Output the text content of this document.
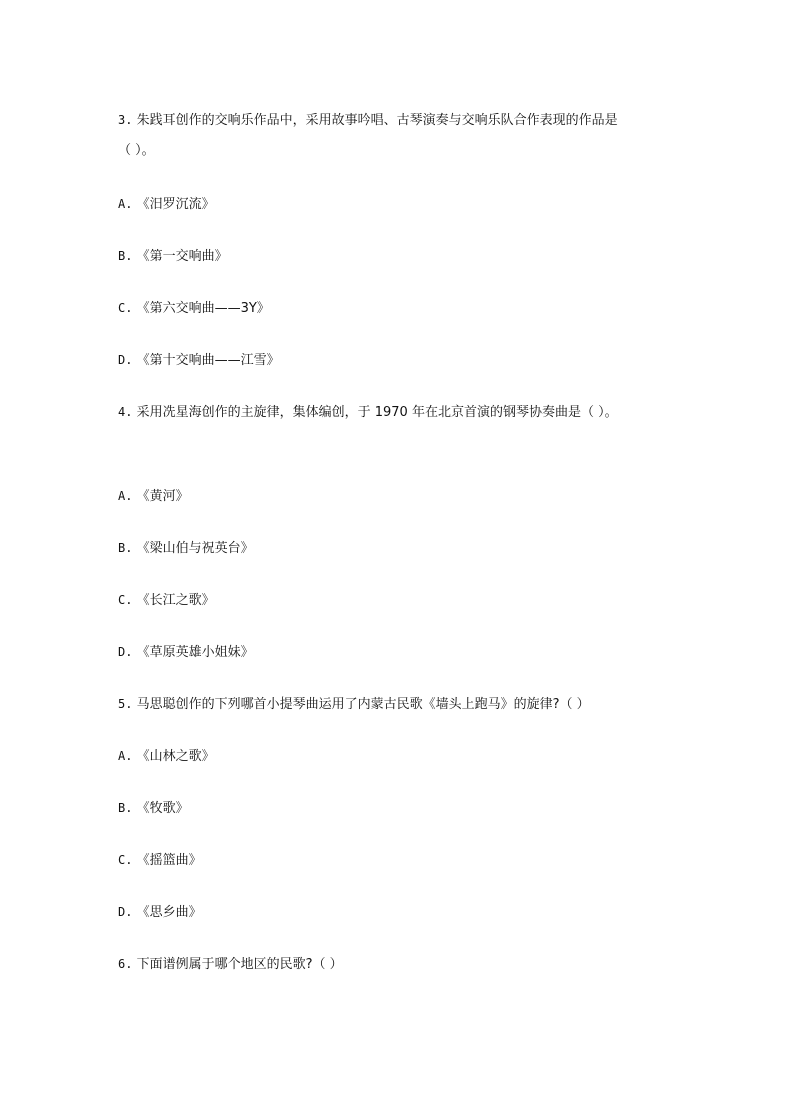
3. 朱践耳创作的交响乐作品中，采用故事吟唱、古琴演奏与交响乐队合作表现的作品是
（ ）。
A. 《汨罗沉流》
B. 《第一交响曲》
C. 《第六交响曲——3Y》
D. 《第十交响曲——江雪》
4. 采用冼星海创作的主旋律，集体编创，于 1970 年在北京首演的钢琴协奏曲是（ ）。
A. 《黄河》
B. 《梁山伯与祝英台》
C. 《长江之歌》
D. 《草原英雄小姐妹》
5. 马思聪创作的下列哪首小提琴曲运用了内蒙古民歌《墙头上跑马》的旋律?（ ）
A. 《山林之歌》
B. 《牧歌》
C. 《摇篮曲》
D. 《思乡曲》
6. 下面谱例属于哪个地区的民歌?（ ）
